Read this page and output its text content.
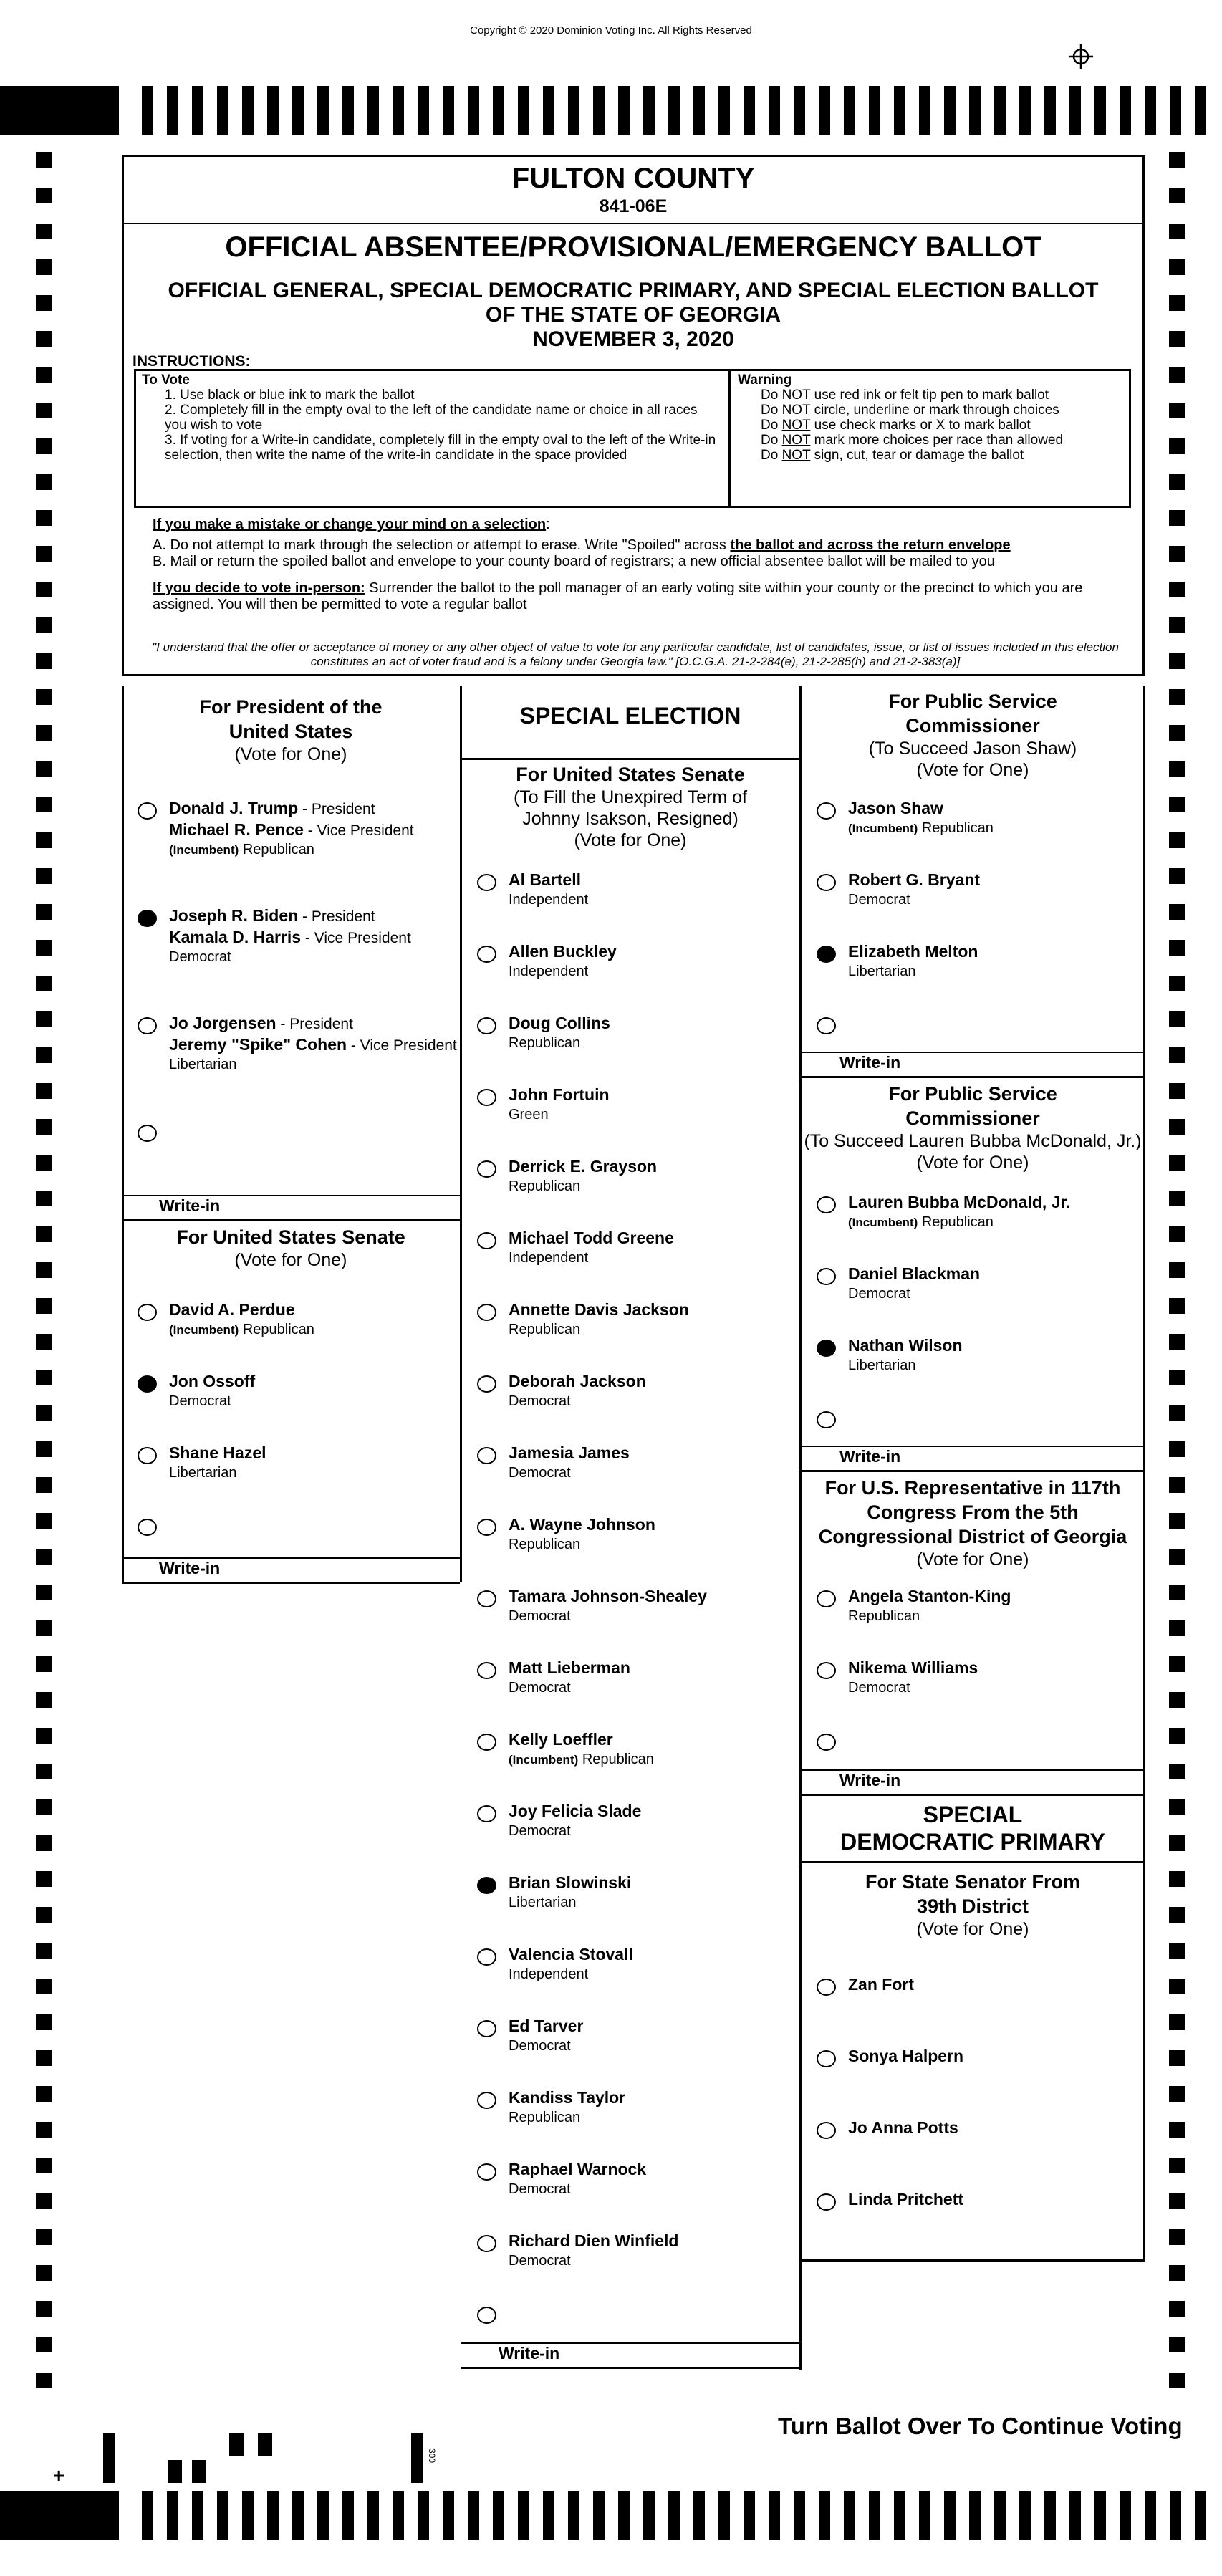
Copyright © 2020 Dominion Voting Inc. All Rights Reserved
FULTON COUNTY
841-06E
OFFICIAL ABSENTEE/PROVISIONAL/EMERGENCY BALLOT
OFFICIAL GENERAL, SPECIAL DEMOCRATIC PRIMARY, AND SPECIAL ELECTION BALLOT
OF THE STATE OF GEORGIA
NOVEMBER 3, 2020
INSTRUCTIONS:
To Vote
1. Use black or blue ink to mark the ballot
2. Completely fill in the empty oval to the left of the candidate name or choice in all races you wish to vote
3. If voting for a Write-in candidate, completely fill in the empty oval to the left of the Write-in selection, then write the name of the write-in candidate in the space provided
Warning
Do NOT use red ink or felt tip pen to mark ballot
Do NOT circle, underline or mark through choices
Do NOT use check marks or X to mark ballot
Do NOT mark more choices per race than allowed
Do NOT sign, cut, tear or damage the ballot
If you make a mistake or change your mind on a selection:
A. Do not attempt to mark through the selection or attempt to erase. Write "Spoiled" across the ballot and across the return envelope
B. Mail or return the spoiled ballot and envelope to your county board of registrars; a new official absentee ballot will be mailed to you
If you decide to vote in-person: Surrender the ballot to the poll manager of an early voting site within your county or the precinct to which you are assigned. You will then be permitted to vote a regular ballot
"I understand that the offer or acceptance of money or any other object of value to vote for any particular candidate, list of candidates, issue, or list of issues included in this election constitutes an act of voter fraud and is a felony under Georgia law." [O.C.G.A. 21-2-284(e), 21-2-285(h) and 21-2-383(a)]
For President of the United States
(Vote for One)
Donald J. Trump - President
Michael R. Pence - Vice President
(Incumbent) Republican
Joseph R. Biden - President
Kamala D. Harris - Vice President
Democrat
Jo Jorgensen - President
Jeremy "Spike" Cohen - Vice President
Libertarian
Write-in
For United States Senate
(Vote for One)
David A. Perdue
(Incumbent) Republican
Jon Ossoff
Democrat
Shane Hazel
Libertarian
Write-in
SPECIAL ELECTION
For United States Senate
(To Fill the Unexpired Term of
Johnny Isakson, Resigned)
(Vote for One)
Al Bartell
Independent
Allen Buckley
Independent
Doug Collins
Republican
John Fortuin
Green
Derrick E. Grayson
Republican
Michael Todd Greene
Independent
Annette Davis Jackson
Republican
Deborah Jackson
Democrat
Jamesia James
Democrat
A. Wayne Johnson
Republican
Tamara Johnson-Shealey
Democrat
Matt Lieberman
Democrat
Kelly Loeffler
(Incumbent) Republican
Joy Felicia Slade
Democrat
Brian Slowinski
Libertarian
Valencia Stovall
Independent
Ed Tarver
Democrat
Kandiss Taylor
Republican
Raphael Warnock
Democrat
Richard Dien Winfield
Democrat
Write-in
For Public Service
Commissioner
(To Succeed Jason Shaw)
(Vote for One)
Jason Shaw
(Incumbent) Republican
Robert G. Bryant
Democrat
Elizabeth Melton
Libertarian
Write-in
For Public Service
Commissioner
(To Succeed Lauren Bubba McDonald, Jr.)
(Vote for One)
Lauren Bubba McDonald, Jr.
(Incumbent) Republican
Daniel Blackman
Democrat
Nathan Wilson
Libertarian
Write-in
For U.S. Representative in 117th
Congress From the 5th
Congressional District of Georgia
(Vote for One)
Angela Stanton-King
Republican
Nikema Williams
Democrat
Write-in
SPECIAL
DEMOCRATIC PRIMARY
For State Senator From
39th District
(Vote for One)
Zan Fort
Sonya Halpern
Jo Anna Potts
Linda Pritchett
+
300
Turn Ballot Over To Continue Voting
